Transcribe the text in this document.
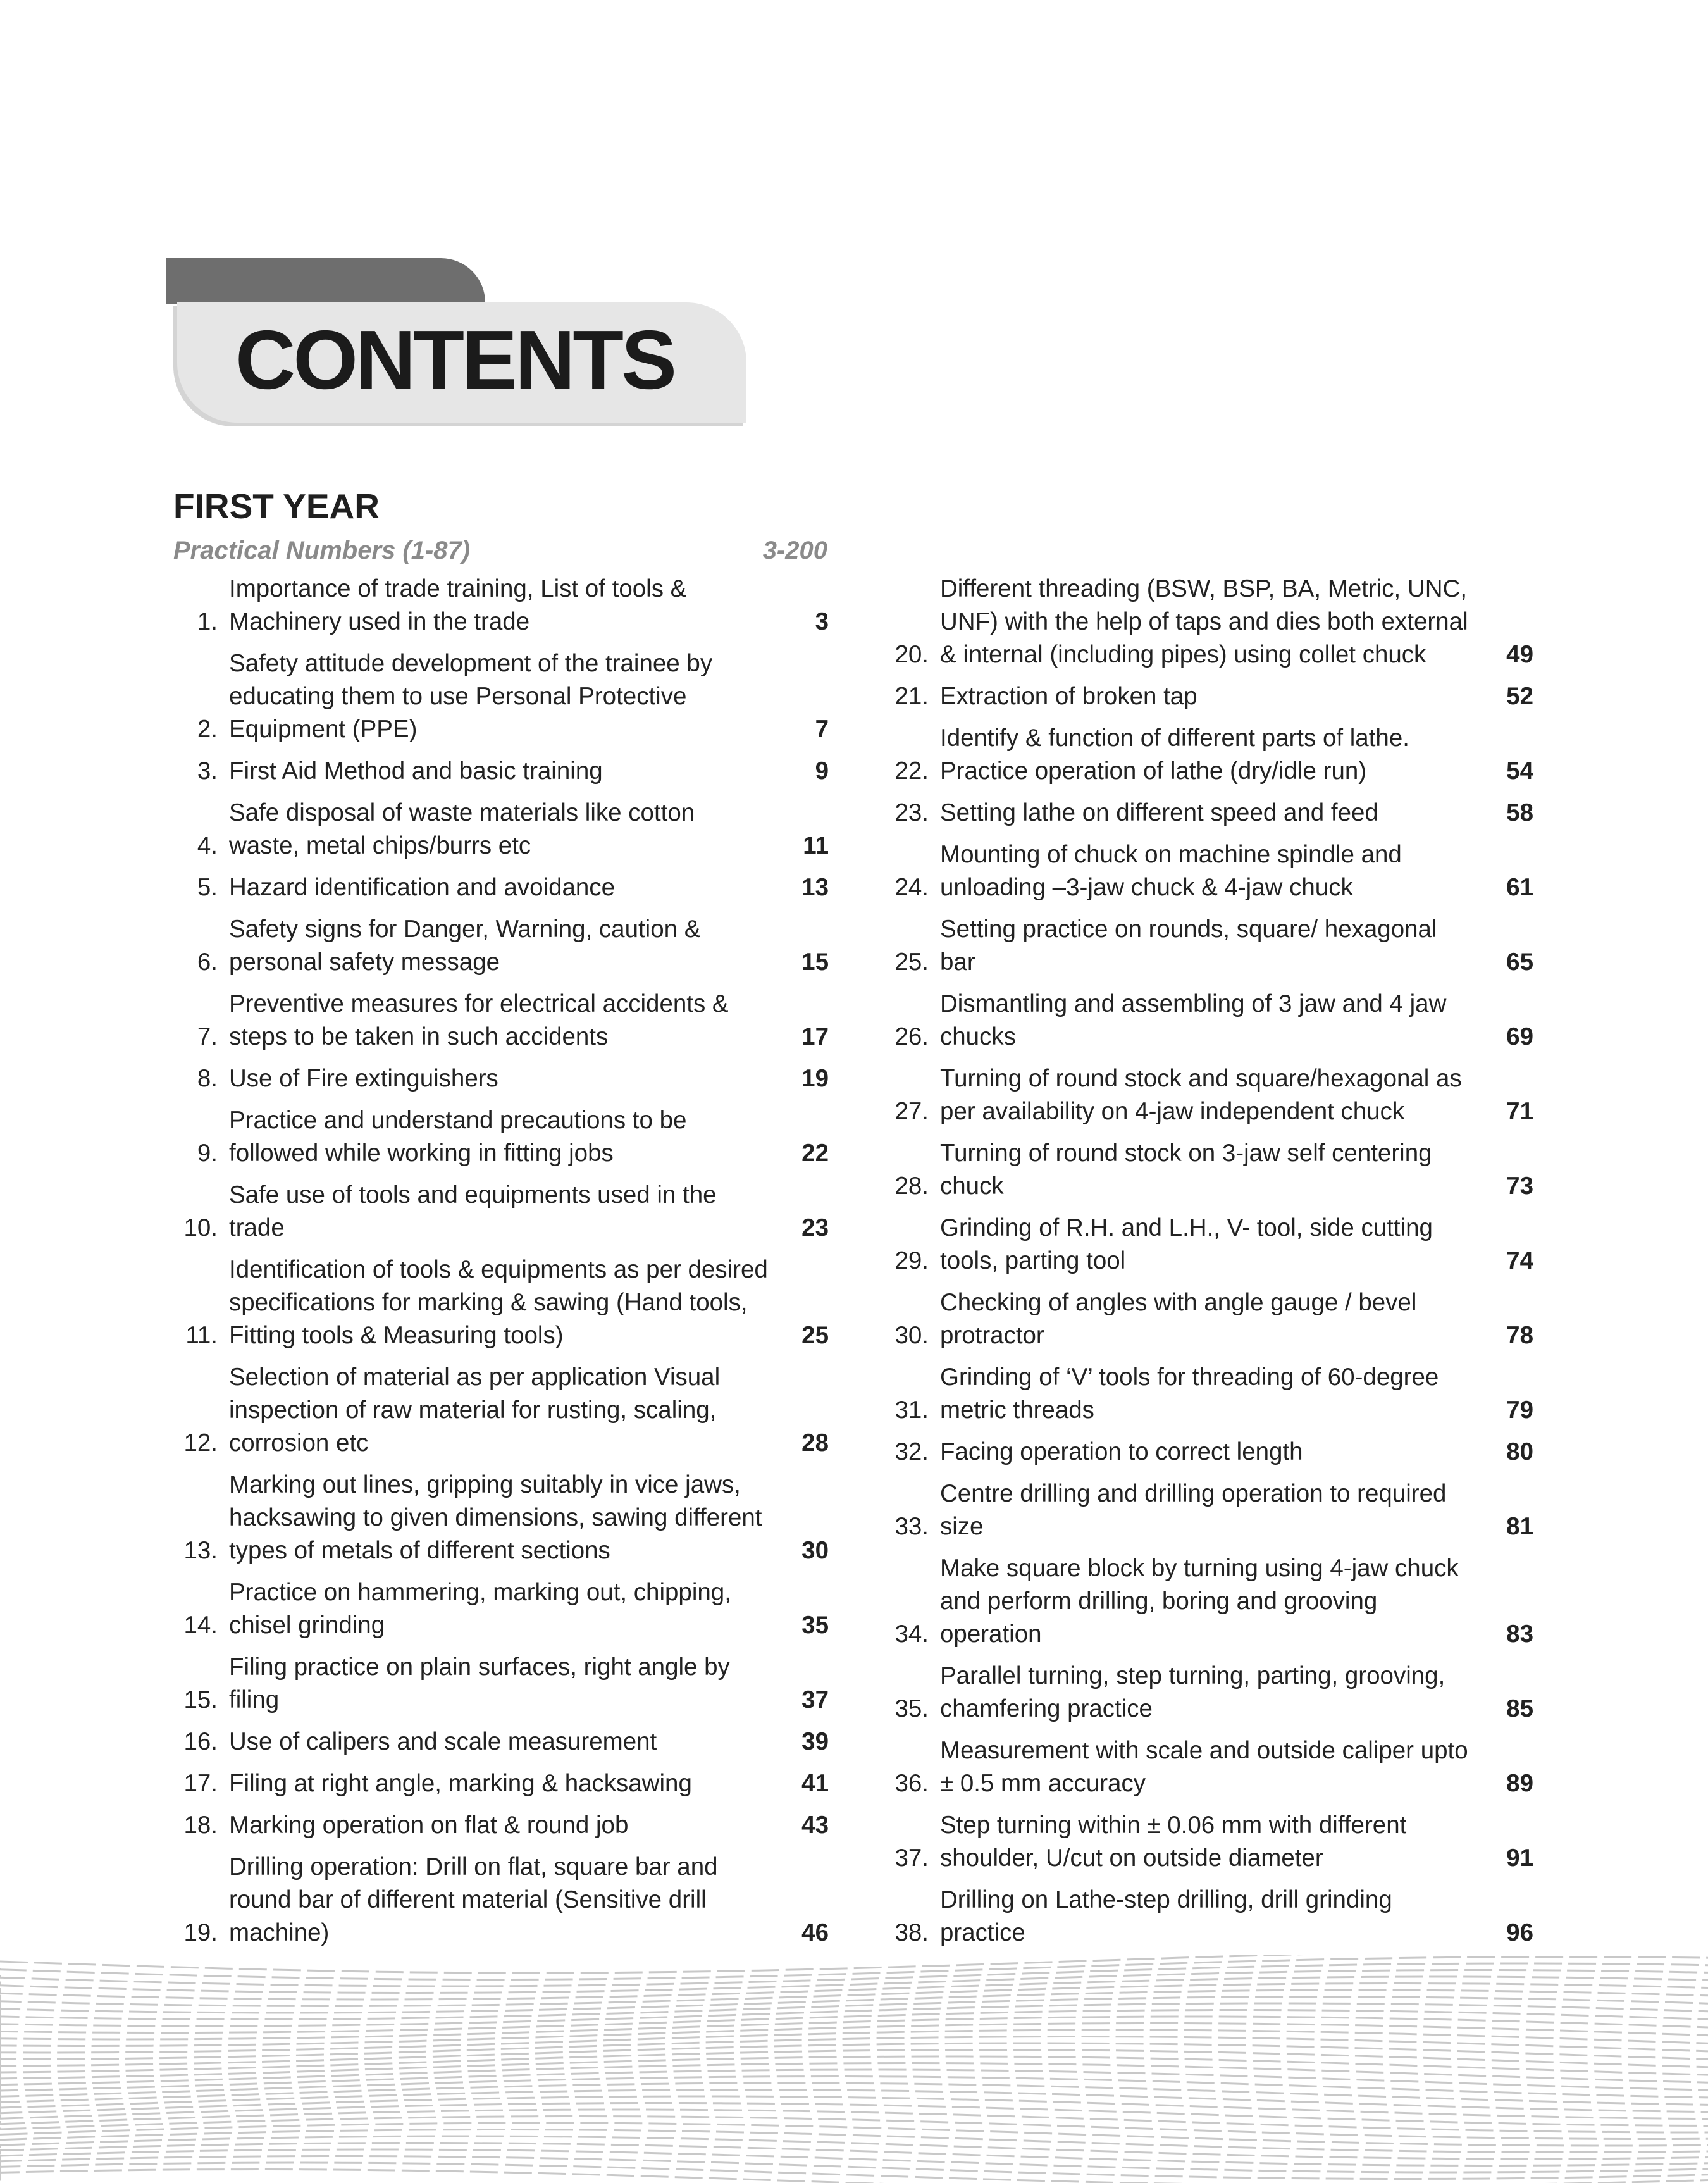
CONTENTS
FIRST YEAR
Practical Numbers (1-87)	3-200
1.
Importance of trade training, List of tools & Machinery used in the trade	3
2.
Safety attitude development of the trainee by educating them to use Personal Protective Equipment (PPE)	7
3. First Aid Method and basic training	9
4.
Safe disposal of waste materials like cotton waste, metal chips/burrs etc	11
5. Hazard identification and avoidance	13
6.
Safety signs for Danger, Warning, caution & personal safety message	15
7.
Preventive measures for electrical accidents & steps to be taken in such accidents	17
8. Use of Fire extinguishers	19
9.
Practice and understand precautions to be followed while working in fitting jobs	22
10.
Safe use of tools and equipments used in the trade	23
11.
Identification of tools & equipments as per desired specifications for marking & sawing (Hand tools, Fitting tools & Measuring tools)	25
12.
Selection of material as per application Visual inspection of raw material for rusting, scaling, corrosion etc	28
13.
Marking out lines, gripping suitably in vice jaws, hacksawing to given dimensions, sawing different types of metals of different sections	30
14.
Practice on hammering, marking out, chipping, chisel grinding	35
15.
Filing practice on plain surfaces, right angle by filing	37
16. Use of calipers and scale measurement	39
17. Filing at right angle, marking & hacksawing	41
18. Marking operation on flat & round job	43
19.
Drilling operation: Drill on flat, square bar and round bar of different material (Sensitive drill machine)	46
20.
Different threading (BSW, BSP, BA, Metric, UNC, UNF) with the help of taps and dies both external & internal (including pipes) using collet chuck	49
21. Extraction of broken tap	52
22.
Identify & function of different parts of lathe. Practice operation of lathe (dry/idle run)	54
23. Setting lathe on different speed and feed	58
24.
Mounting of chuck on machine spindle and unloading –3-jaw chuck & 4-jaw chuck	61
25.
Setting practice on rounds, square/ hexagonal bar	65
26.
Dismantling and assembling of 3 jaw and 4 jaw chucks	69
27.
Turning of round stock and square/hexagonal as per availability on 4-jaw independent chuck	71
28.
Turning of round stock on 3-jaw self centering chuck	73
29.
Grinding of R.H. and L.H., V- tool, side cutting tools, parting tool	74
30.
Checking of angles with angle gauge / bevel protractor	78
31.
Grinding of ‘V’ tools for threading of 60-degree metric threads	79
32. Facing operation to correct length	80
33.
Centre drilling and drilling operation to required size	81
34.
Make square block by turning using 4-jaw chuck and perform drilling, boring and grooving operation	83
35.
Parallel turning, step turning, parting, grooving, chamfering practice	85
36.
Measurement with scale and outside caliper upto ± 0.5 mm accuracy	89
37.
Step turning within ± 0.06 mm with different shoulder, U/cut on outside diameter	91
38.
Drilling on Lathe-step drilling, drill grinding practice	96
